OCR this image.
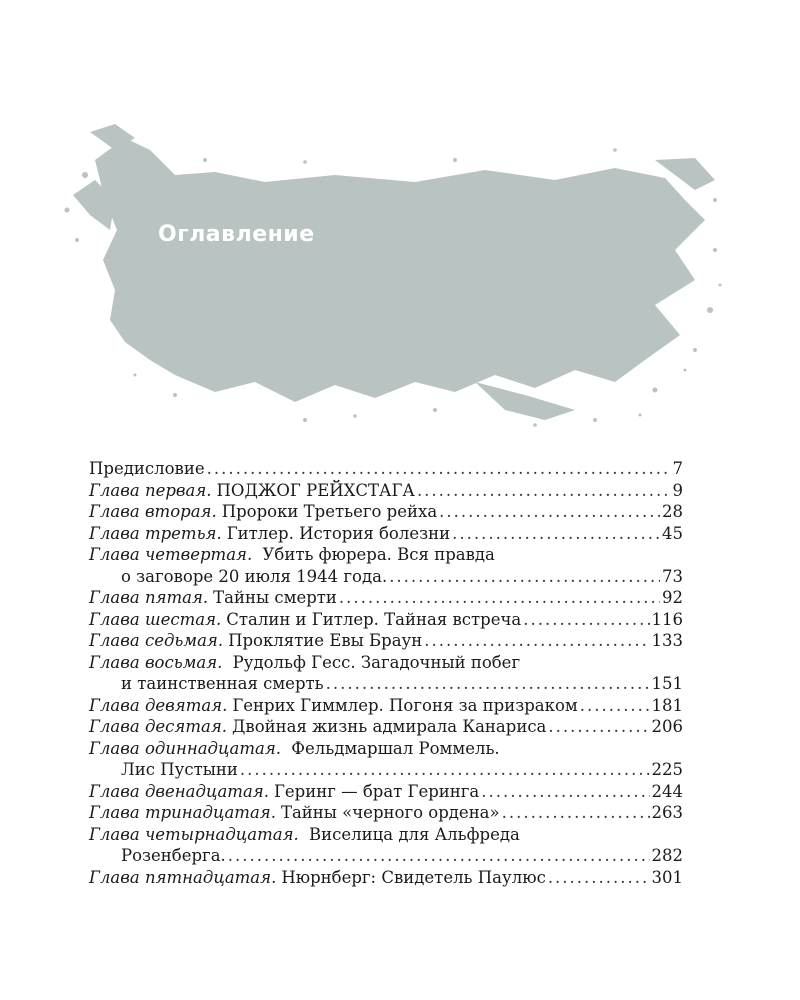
Оглавление
Предисловие .....	7
Глава первая. ПОДЖОГ РЕЙХСТАГА .....	9
Глава вторая. Пророки Третьего рейха .....	28
Глава третья. Гитлер. История болезни .....	45
Глава четвертая. Убить фюрера. Вся правда
о заговоре 20 июля 1944 года. .....	73
Глава пятая. Тайны смерти .....	92
Глава шестая. Сталин и Гитлер. Тайная встреча .....	116
Глава седьмая. Проклятие Евы Браун .....	133
Глава восьмая. Рудольф Гесс. Загадочный побег
и таинственная смерть .....	151
Глава девятая. Генрих Гиммлер. Погоня за призраком .....	181
Глава десятая. Двойная жизнь адмирала Канариса .....	206
Глава одиннадцатая. Фельдмаршал Роммель.
Лис Пустыни .....	225
Глава двенадцатая. Геринг — брат Геринга .....	244
Глава тринадцатая. Тайны «черного ордена» .....	263
Глава четырнадцатая. Виселица для Альфреда
Розенберга. .....	282
Глава пятнадцатая. Нюрнберг: Свидетель Паулюс .....	301
